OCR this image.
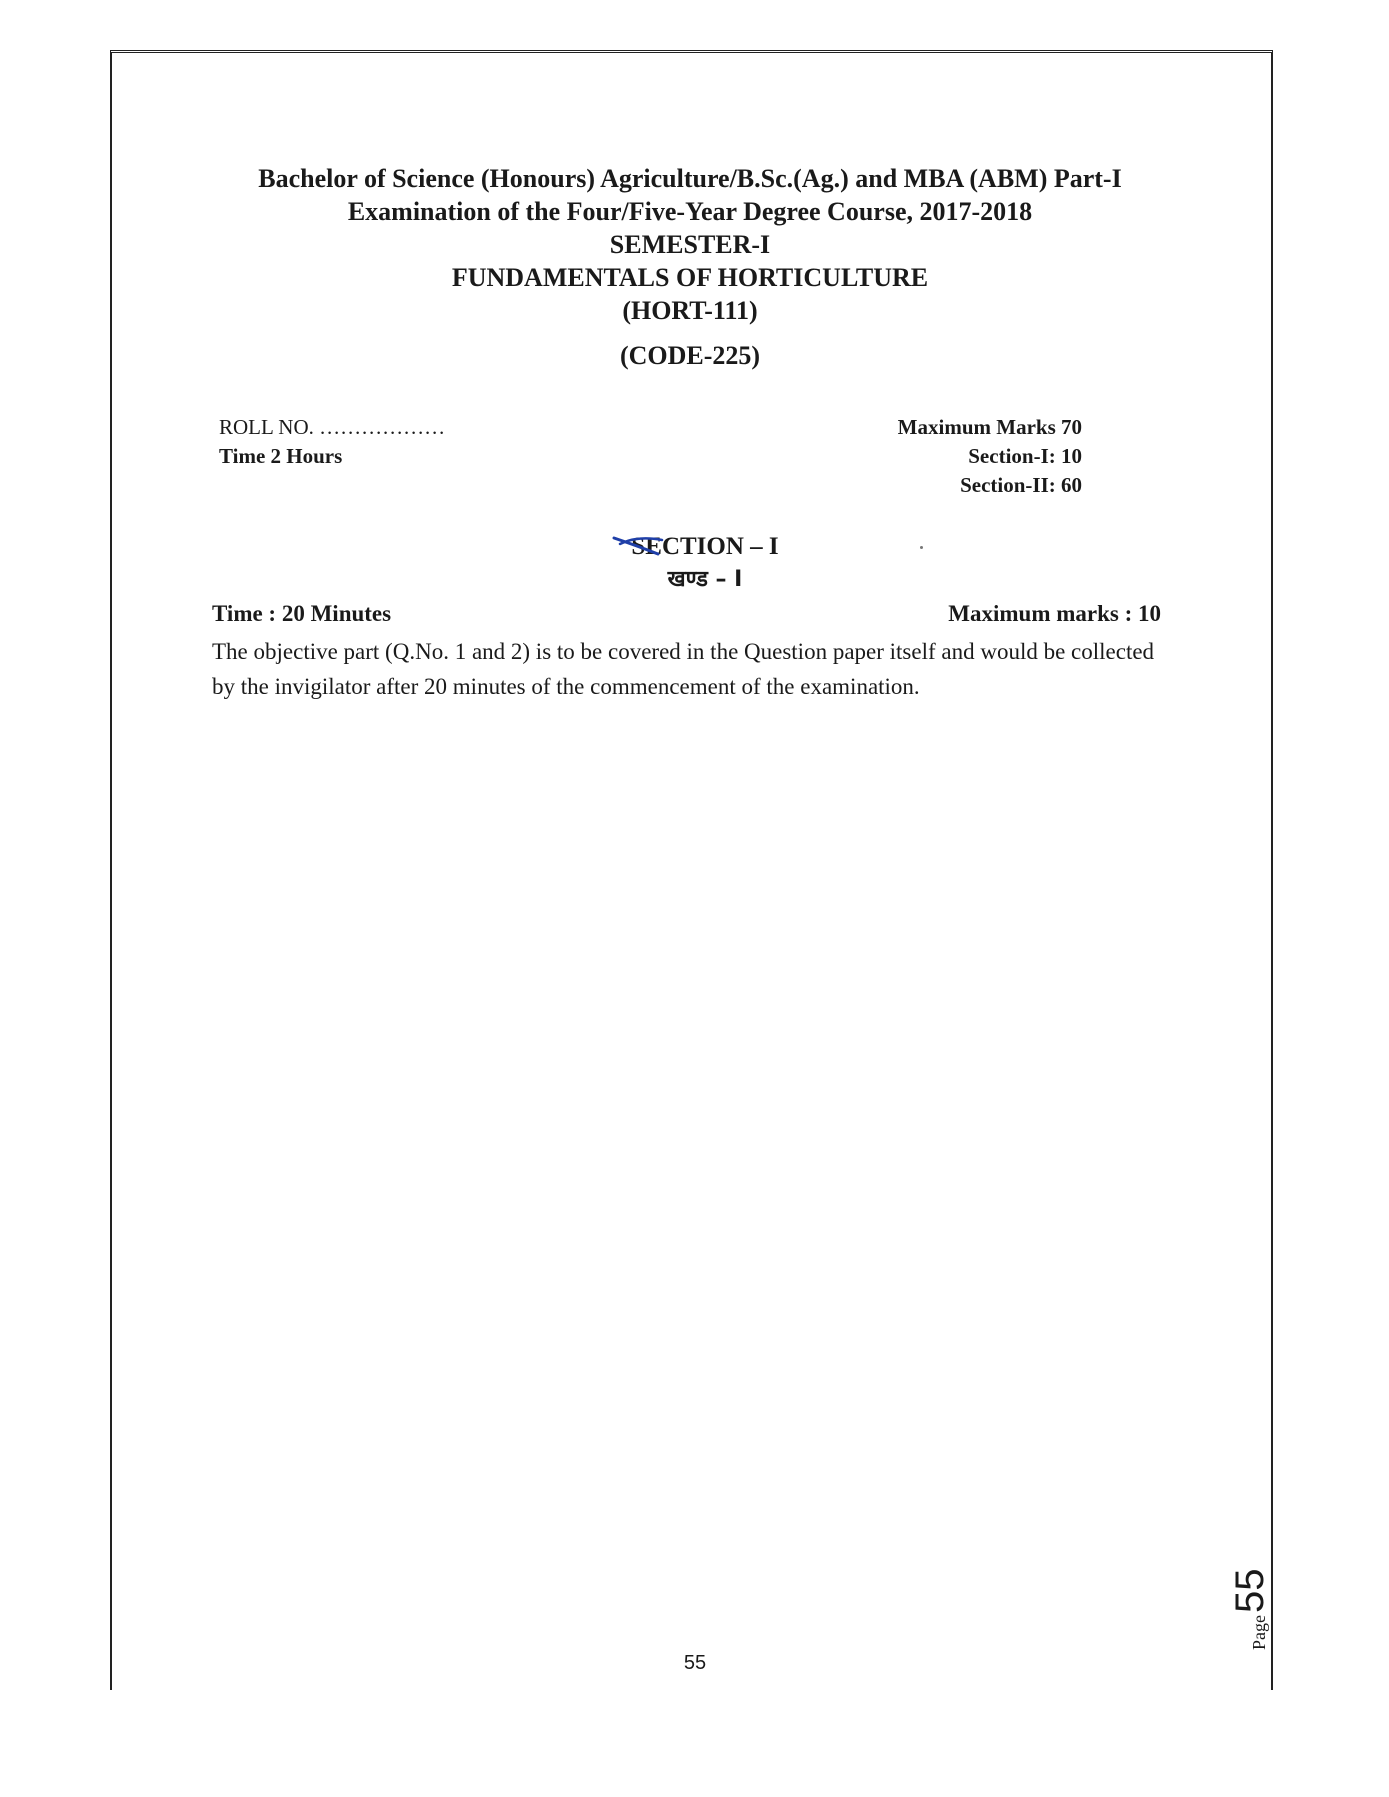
Bachelor of Science (Honours) Agriculture/B.Sc.(Ag.) and MBA (ABM) Part-I
Examination of the Four/Five-Year Degree Course, 2017-2018
SEMESTER-I
FUNDAMENTALS OF HORTICULTURE
(HORT-111)
(CODE-225)
ROLL NO. ………………
Time 2 Hours
Maximum Marks 70
Section-I: 10
Section-II: 60
SECTION – I
खण्ड – I
Time : 20 Minutes	Maximum marks : 10
The objective part (Q.No. 1 and 2) is to be covered in the Question paper itself and would be collected by the invigilator after 20 minutes of the commencement of the examination.
Page
55
55
